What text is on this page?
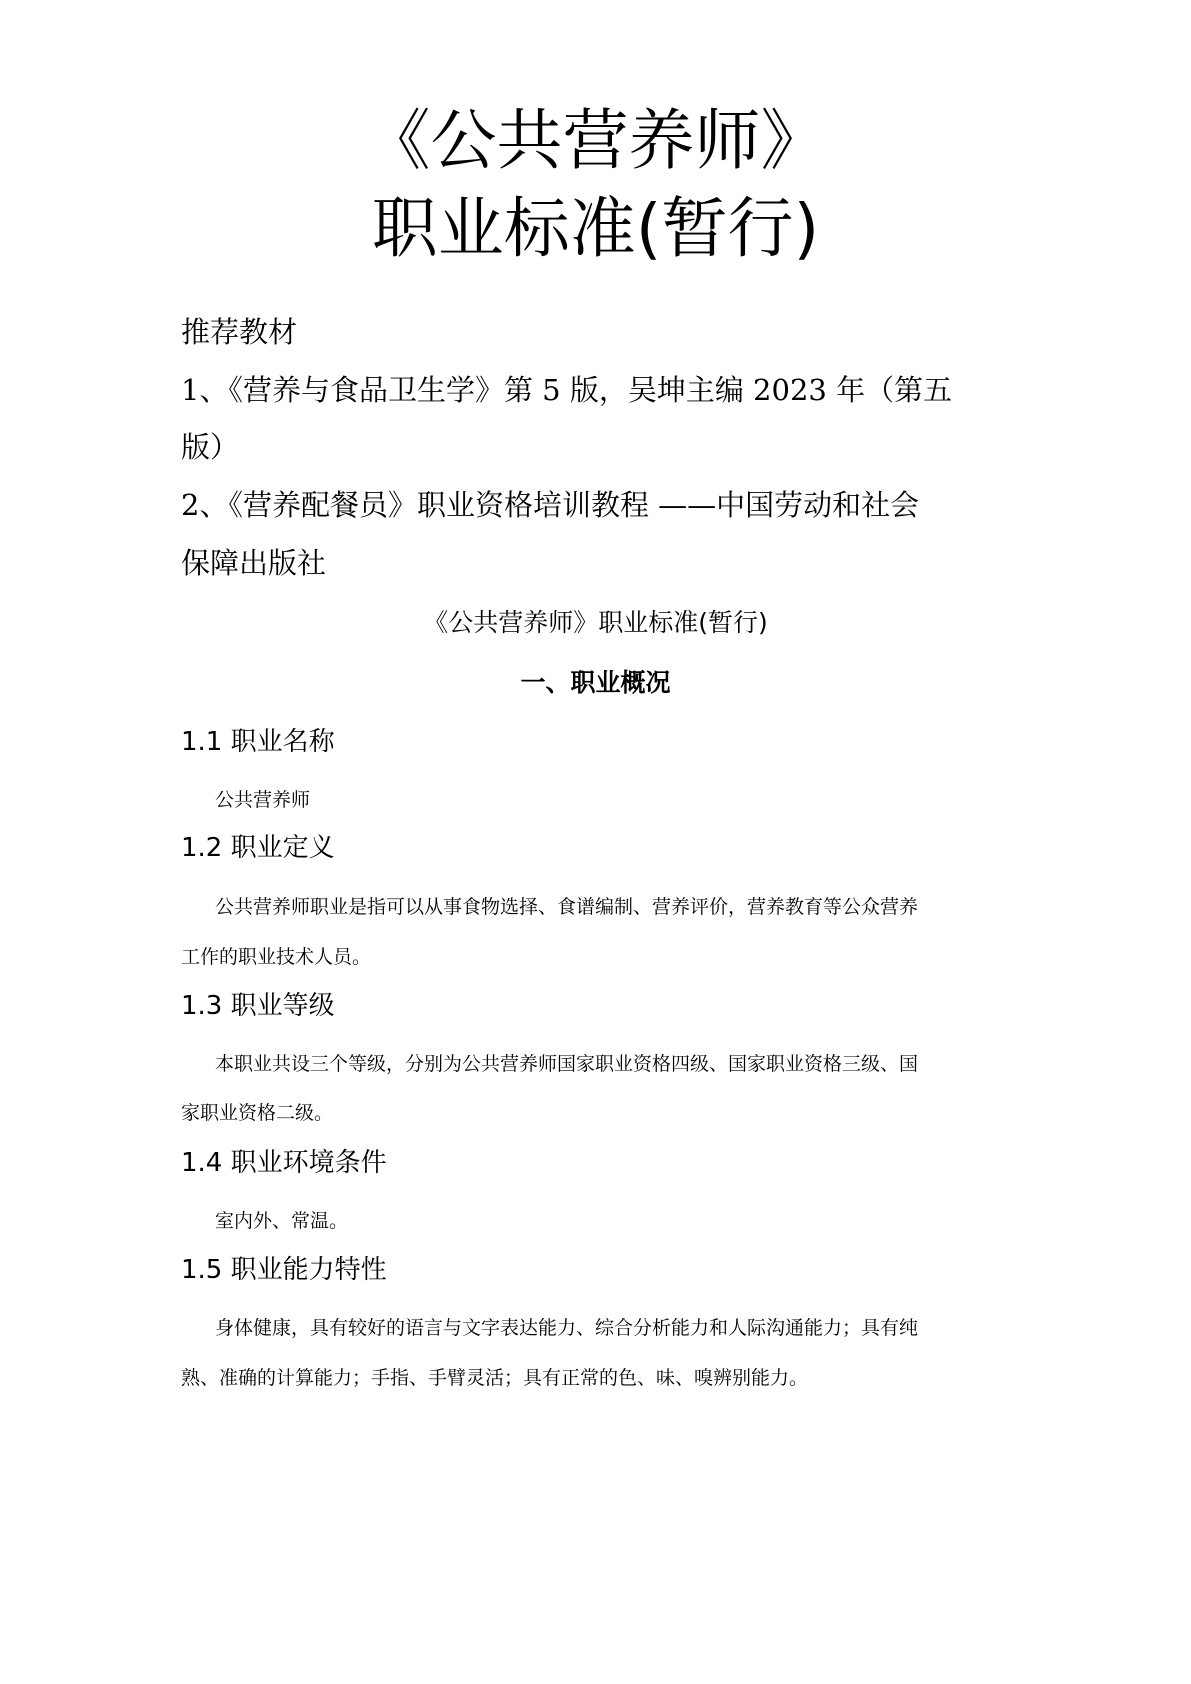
《公共营养师》
职业标准(暂行)
推荐教材
1、《营养与食品卫生学》第 5 版，吴坤主编 2023 年（第五
版）
2、《营养配餐员》职业资格培训教程 ——中国劳动和社会
保障出版社
《公共营养师》职业标准(暂行)
一、职业概况
1.1 职业名称
公共营养师
1.2 职业定义
公共营养师职业是指可以从事食物选择、食谱编制、营养评价，营养教育等公众营养
工作的职业技术人员。
1.3 职业等级
本职业共设三个等级，分别为公共营养师国家职业资格四级、国家职业资格三级、国
家职业资格二级。
1.4 职业环境条件
室内外、常温。
1.5 职业能力特性
身体健康，具有较好的语言与文字表达能力、综合分析能力和人际沟通能力；具有纯
熟、准确的计算能力；手指、手臂灵活；具有正常的色、味、嗅辨别能力。
